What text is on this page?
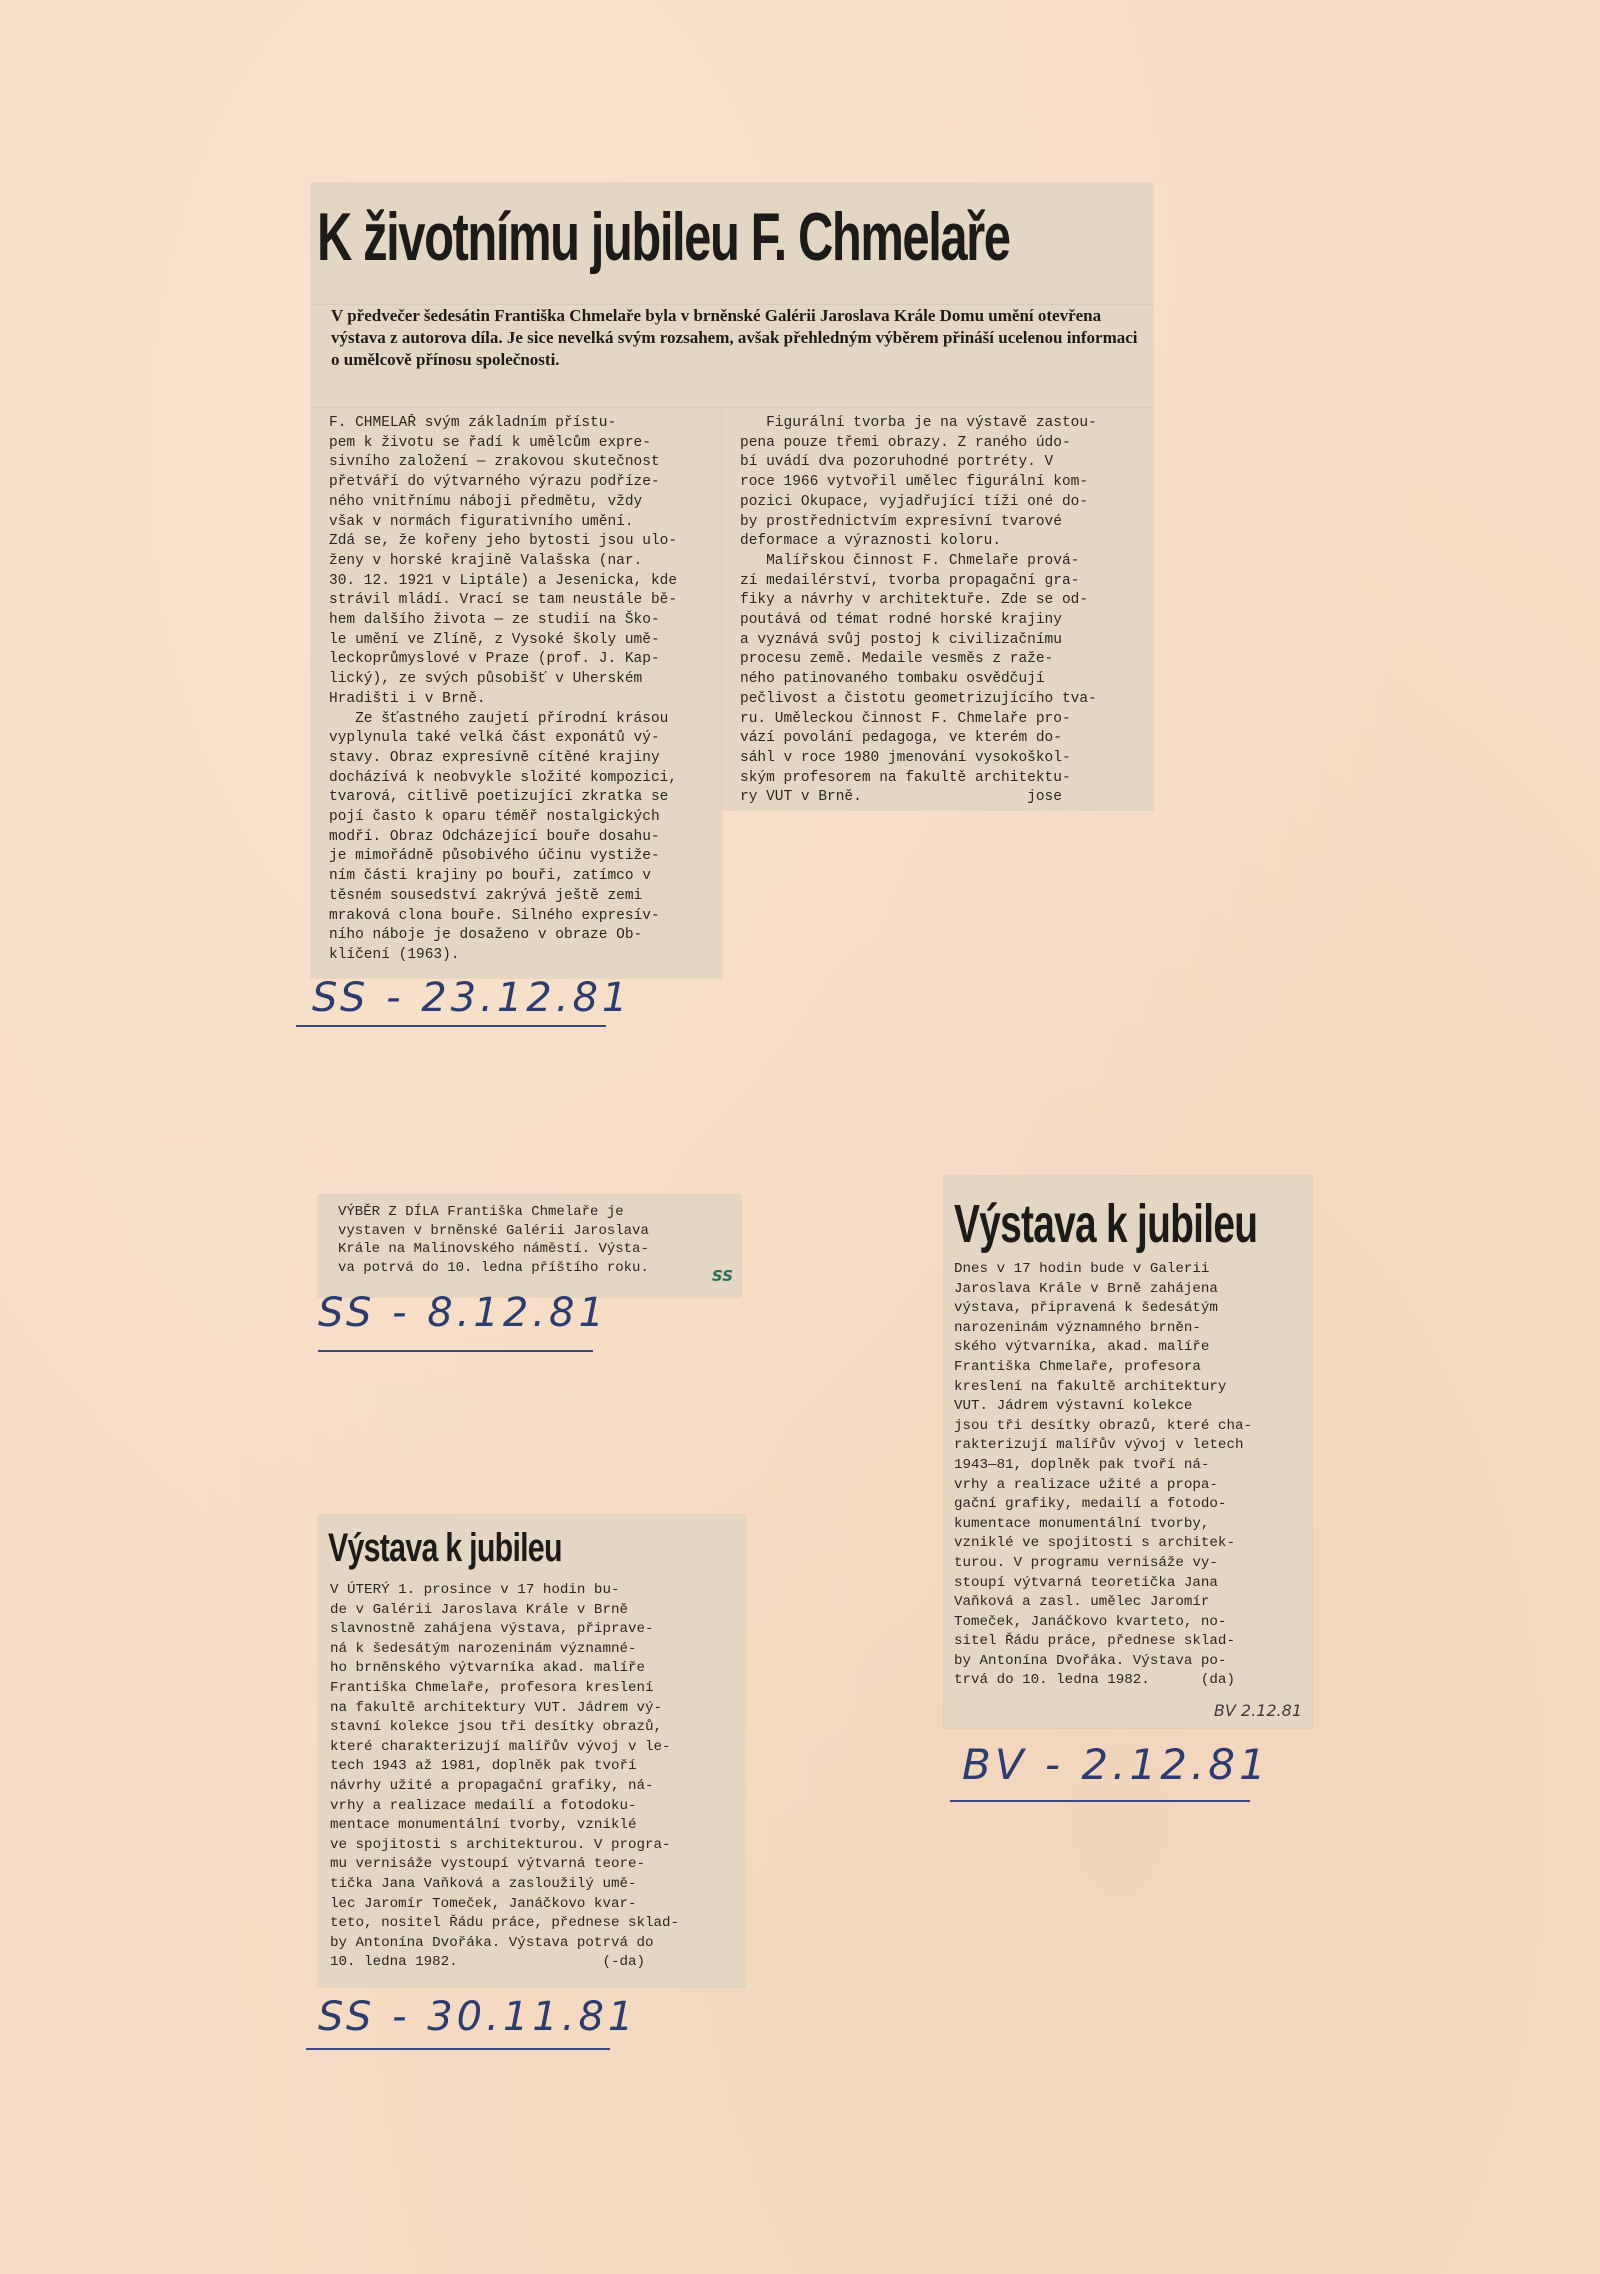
K životnímu jubileu F. Chmelaře

V předvečer šedesátin Františka Chmelaře byla v brněnské Galérii Jaroslava Krále Domu umění otevřena výstava z autorova díla. Je sice nevelká svým rozsahem, avšak přehledným výběrem přináší ucelenou informaci o umělcově přínosu společnosti.

F. CHMELAŘ svým základním přístu-
pem k životu se řadí k umělcům expre-
sivního založení — zrakovou skutečnost
přetváří do výtvarného výrazu podříze-
ného vnitřnímu náboji předmětu, vždy
však v normách figurativního umění.
Zdá se, že kořeny jeho bytosti jsou ulo-
ženy v horské krajině Valašska (nar.
30. 12. 1921 v Liptále) a Jesenicka, kde
strávil mládí. Vrací se tam neustále bě-
hem dalšího života — ze studií na Ško-
le umění ve Zlíně, z Vysoké školy umě-
leckoprůmyslové v Praze (prof. J. Kap-
lický), ze svých působišť v Uherském
Hradišti i v Brně.
Ze šťastného zaujetí přírodní krásou
vyplynula také velká část exponátů vý-
stavy. Obraz expresívně cítěné krajiny
docházívá k neobvykle složité kompozici,
tvarová, citlivě poetizující zkratka se
pojí často k oparu téměř nostalgických
modří. Obraz Odcházející bouře dosahu-
je mimořádně působivého účinu vystiže-
ním části krajiny po bouři, zatímco v
těsném sousedství zakrývá ještě zemi
mraková clona bouře. Silného expresív-
ního náboje je dosaženo v obraze Ob-
klíčení (1963).
Figurální tvorba je na výstavě zastou-
pena pouze třemi obrazy. Z raného údo-
bí uvádí dva pozoruhodné portréty. V
roce 1966 vytvořil umělec figurální kom-
pozici Okupace, vyjadřující tíži oné do-
by prostřednictvím expresívní tvarové
deformace a výraznosti koloru.
Malířskou činnost F. Chmelaře prová-
zí medailérství, tvorba propagační gra-
fiky a návrhy v architektuře. Zde se od-
poutává od témat rodné horské krajiny
a vyznává svůj postoj k civilizačnímu
procesu země. Medaile vesměs z raže-
ného patinovaného tombaku osvědčují
pečlivost a čistotu geometrizujícího tva-
ru. Uměleckou činnost F. Chmelaře pro-
vází povolání pedagoga, ve kterém do-
sáhl v roce 1980 jmenování vysokoškol-
ským profesorem na fakultě architektu-
ry VUT v Brně.                   jose
SS - 23.12.81
VÝBĚR Z DÍLA Františka Chmelaře je
vystaven v brněnské Galérii Jaroslava
Krále na Malinovského náměstí. Výsta-
va potrvá do 10. ledna příštího roku.	SS
SS - 8.12.81
Výstava k jubileu
Dnes v 17 hodin bude v Galerii
Jaroslava Krále v Brně zahájena
výstava, připravená k šedesátým
narozeninám významného brněn-
ského výtvarníka, akad. malíře
Františka Chmelaře, profesora
kreslení na fakultě architektury
VUT. Jádrem výstavní kolekce
jsou tři desítky obrazů, které cha-
rakterizují malířův vývoj v letech
1943—81, doplněk pak tvoří ná-
vrhy a realizace užité a propa-
gační grafiky, medailí a fotodo-
kumentace monumentální tvorby,
vzniklé ve spojitosti s architek-
turou. V programu vernisáže vy-
stoupí výtvarná teoretička Jana
Vaňková a zasl. umělec Jaromír
Tomeček, Janáčkovo kvarteto, no-
sitel Řádu práce, přednese sklad-
by Antonína Dvořáka. Výstava po-
trvá do 10. ledna 1982.      (da)
BV 2.12.81
BV - 2.12.81
Výstava k jubileu
V ÚTERÝ 1. prosince v 17 hodin bu-
de v Galérii Jaroslava Krále v Brně
slavnostně zahájena výstava, připrave-
ná k šedesátým narozeninám významné-
ho brněnského výtvarníka akad. malíře
Františka Chmelaře, profesora kreslení
na fakultě architektury VUT. Jádrem vý-
stavní kolekce jsou tři desítky obrazů,
které charakterizují malířův vývoj v le-
tech 1943 až 1981, doplněk pak tvoří
návrhy užité a propagační grafiky, ná-
vrhy a realizace medailí a fotodoku-
mentace monumentální tvorby, vzniklé
ve spojitosti s architekturou. V progra-
mu vernisáže vystoupí výtvarná teore-
tička Jana Vaňková a zasloužilý umě-
lec Jaromír Tomeček, Janáčkovo kvar-
teto, nositel Řádu práce, přednese sklad-
by Antonína Dvořáka. Výstava potrvá do
10. ledna 1982.                 (-da)
SS - 30.11.81
